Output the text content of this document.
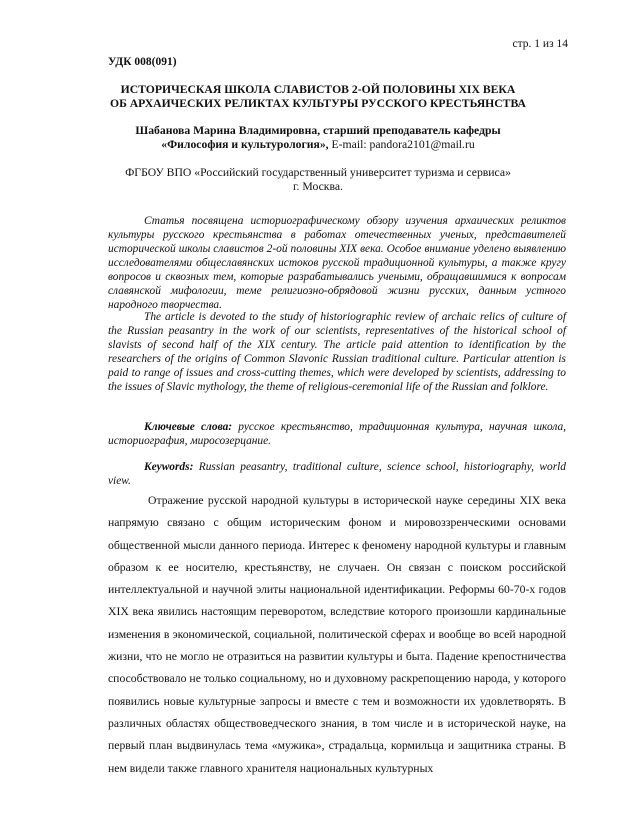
стр. 1 из 14
УДК 008(091)
ИСТОРИЧЕСКАЯ ШКОЛА СЛАВИСТОВ 2-ОЙ ПОЛОВИНЫ XIX ВЕКА
ОБ АРХАИЧЕСКИХ РЕЛИКТАХ КУЛЬТУРЫ РУССКОГО КРЕСТЬЯНСТВА
Шабанова Марина Владимировна, старший преподаватель кафедры
«Философия и культурология», E-mail: pandora2101@mail.ru
ФГБОУ ВПО «Российский государственный университет туризма и сервиса»
г. Москва.

Статья посвящена историографическому обзору изучения архаических реликтов культуры русского крестьянства в работах отечественных ученых, представителей исторической школы славистов 2-ой половины XIX века. Особое внимание уделено выявлению исследователями общеславянских истоков русской традиционной культуры, а также кругу вопросов и сквозных тем, которые разрабатывались учеными, обращавшимися к вопросам славянской мифологии, теме религиозно-обрядовой жизни русских, данным устного народного творчества.

The article is devoted to the study of historiographic review of archaic relics of culture of the Russian peasantry in the work of our scientists, representatives of the historical school of slavists of second half of the XIX century. The article paid attention to identification by the researchers of the origins of Common Slavonic Russian traditional culture. Particular attention is paid to range of issues and cross-cutting themes, which were developed by scientists, addressing to the issues of Slavic mythology, the theme of religious-ceremonial life of the Russian and folklore.

Ключевые слова: русское крестьянство, традиционная культура, научная школа, историография, миросозерцание.

Keywords: Russian peasantry, traditional culture, science school, historiography, world view.

Отражение русской народной культуры в исторической науке середины XIX века напрямую связано с общим историческим фоном и мировоззренческими основами общественной мысли данного периода. Интерес к феномену народной культуры и главным образом к ее носителю, крестьянству, не случаен. Он связан с поиском российской интеллектуальной и научной элиты национальной идентификации. Реформы 60-70-х годов XIX века явились настоящим переворотом, вследствие которого произошли кардинальные изменения в экономической, социальной, политической сферах и вообще во всей народной жизни, что не могло не отразиться на развитии культуры и быта. Падение крепостничества способствовало не только социальному, но и духовному раскрепощению народа, у которого появились новые культурные запросы и вместе с тем и возможности их удовлетворять. В различных областях обществоведческого знания, в том числе и в исторической науке, на первый план выдвинулась тема «мужика», страдальца, кормильца и защитника страны. В нем видели также главного хранителя национальных культурных
